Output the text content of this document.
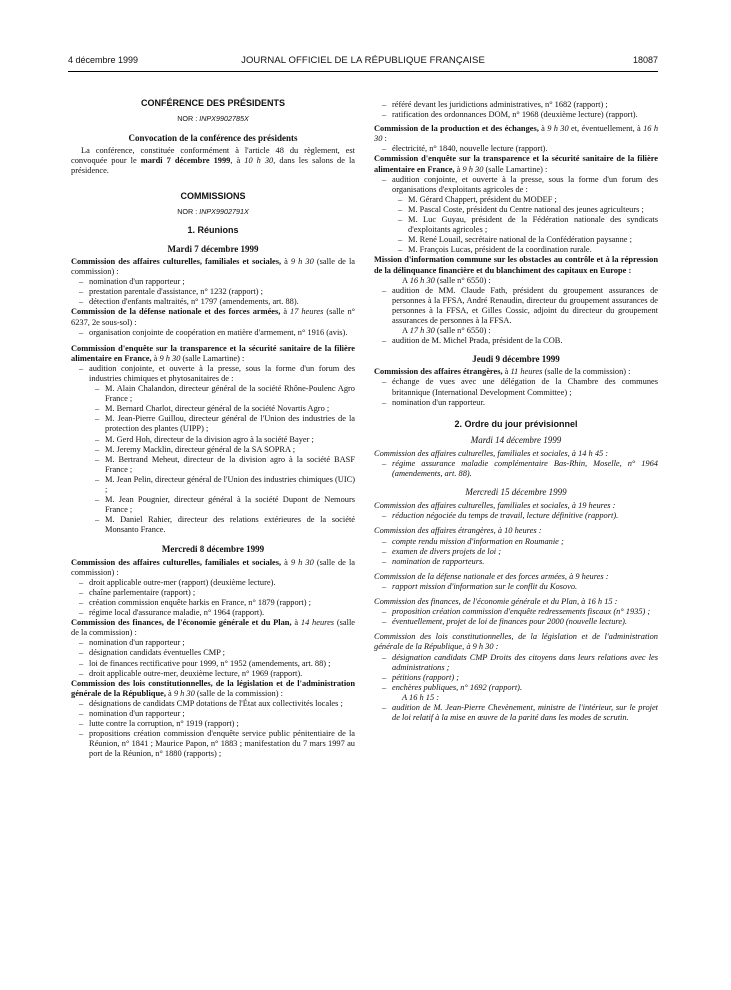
4 décembre 1999	JOURNAL OFFICIEL DE LA RÉPUBLIQUE FRANÇAISE	18087

CONFÉRENCE DES PRÉSIDENTS

NOR : INPX9902785X

Convocation de la conférence des présidents

La conférence, constituée conformément à l'article 48 du règlement, est convoquée pour le mardi 7 décembre 1999, à 10 h 30, dans les salons de la présidence.

COMMISSIONS

NOR : INPX9902791X

1. Réunions

Mardi 7 décembre 1999

Commission des affaires culturelles, familiales et sociales, à 9 h 30 (salle de la commission) :

– nomination d'un rapporteur ;
– prestation parentale d'assistance, n° 1232 (rapport) ;
– détection d'enfants maltraités, n° 1797 (amendements, art. 88).

Commission de la défense nationale et des forces armées, à 17 heures (salle n° 6237, 2e sous-sol) :

– organisation conjointe de coopération en matière d'armement, n° 1916 (avis).

Commission d'enquête sur la transparence et la sécurité sanitaire de la filière alimentaire en France, à 9 h 30 (salle Lamartine) :

– audition conjointe, et ouverte à la presse, sous la forme d'un forum des industries chimiques et phytosanitaires de :
– M. Alain Chalandon, directeur général de la société Rhône-Poulenc Agro France ;
– M. Bernard Charlot, directeur général de la société Novartis Agro ;
– M. Jean-Pierre Guillou, directeur général de l'Union des industries de la protection des plantes (UIPP) ;
– M. Gerd Hoh, directeur de la division agro à la société Bayer ;
– M. Jeremy Macklin, directeur général de la SA SOPRA ;
– M. Bertrand Meheut, directeur de la division agro à la société BASF France ;
– M. Jean Pelin, directeur général de l'Union des industries chimiques (UIC) ;
– M. Jean Pougnier, directeur général à la société Dupont de Nemours France ;
– M. Daniel Rahier, directeur des relations extérieures de la société Monsanto France.

Mercredi 8 décembre 1999

Commission des affaires culturelles, familiales et sociales, à 9 h 30 (salle de la commission) :

– droit applicable outre-mer (rapport) (deuxième lecture).
– chaîne parlementaire (rapport) ;
– création commission enquête harkis en France, n° 1879 (rapport) ;
– régime local d'assurance maladie, n° 1964 (rapport).

Commission des finances, de l'économie générale et du Plan, à 14 heures (salle de la commission) :

– nomination d'un rapporteur ;
– désignation candidats éventuelles CMP ;
– loi de finances rectificative pour 1999, n° 1952 (amendements, art. 88) ;
– droit applicable outre-mer, deuxième lecture, n° 1969 (rapport).

Commission des lois constitutionnelles, de la législation et de l'administration générale de la République, à 9 h 30 (salle de la commission) :

– désignations de candidats CMP dotations de l'État aux collectivités locales ;
– nomination d'un rapporteur ;
– lutte contre la corruption, n° 1919 (rapport) ;
– propositions création commission d'enquête service public pénitentiaire de la Réunion, n° 1841 ; Maurice Papon, n° 1883 ; manifestation du 7 mars 1997 au port de la Réunion, n° 1880 (rapports) ;
– référé devant les juridictions administratives, n° 1682 (rapport) ;
– ratification des ordonnances DOM, n° 1968 (deuxième lecture) (rapport).

Commission de la production et des échanges, à 9 h 30 et, éventuellement, à 16 h 30 :

– électricité, n° 1840, nouvelle lecture (rapport).

Commission d'enquête sur la transparence et la sécurité sanitaire de la filière alimentaire en France, à 9 h 30 (salle Lamartine) :

– audition conjointe, et ouverte à la presse, sous la forme d'un forum des organisations d'exploitants agricoles de :
– M. Gérard Chappert, président du MODEF ;
– M. Pascal Coste, président du Centre national des jeunes agriculteurs ;
– M. Luc Guyau, président de la Fédération nationale des syndicats d'exploitants agricoles ;
– M. René Louail, secrétaire national de la Confédération paysanne ;
– M. François Lucas, président de la coordination rurale.

Mission d'information commune sur les obstacles au contrôle et à la répression de la délinquance financière et du blanchiment des capitaux en Europe :

A 16 h 30 (salle n° 6550) :

– audition de MM. Claude Fath, président du groupement assurances de personnes à la FFSA, André Renaudin, directeur du groupement assurances de personnes à la FFSA, et Gilles Cossic, adjoint du directeur du groupement assurances de personnes à la FFSA.

A 17 h 30 (salle n° 6550) :

– audition de M. Michel Prada, président de la COB.

Jeudi 9 décembre 1999

Commission des affaires étrangères, à 11 heures (salle de la commission) :

– échange de vues avec une délégation de la Chambre des communes britannique (International Development Committee) ;
– nomination d'un rapporteur.

2. Ordre du jour prévisionnel

Mardi 14 décembre 1999

Commission des affaires culturelles, familiales et sociales, à 14 h 45 :

– régime assurance maladie complémentaire Bas-Rhin, Moselle, n° 1964 (amendements, art. 88).

Mercredi 15 décembre 1999

Commission des affaires culturelles, familiales et sociales, à 19 heures :

– réduction négociée du temps de travail, lecture définitive (rapport).

Commission des affaires étrangères, à 10 heures :

– compte rendu mission d'information en Roumanie ;
– examen de divers projets de loi ;
– nomination de rapporteurs.

Commission de la défense nationale et des forces armées, à 9 heures :

– rapport mission d'information sur le conflit du Kosovo.

Commission des finances, de l'économie générale et du Plan, à 16 h 15 :

– proposition création commission d'enquête redressements fiscaux (n° 1935) ;
– éventuellement, projet de loi de finances pour 2000 (nouvelle lecture).

Commission des lois constitutionnelles, de la législation et de l'administration générale de la République, à 9 h 30 :

– désignation candidats CMP Droits des citoyens dans leurs relations avec les administrations ;
– pétitions (rapport) ;
– enchères publiques, n° 1692 (rapport).

A 16 h 15 :

– audition de M. Jean-Pierre Chevènement, ministre de l'intérieur, sur le projet de loi relatif à la mise en œuvre de la parité dans les modes de scrutin.
